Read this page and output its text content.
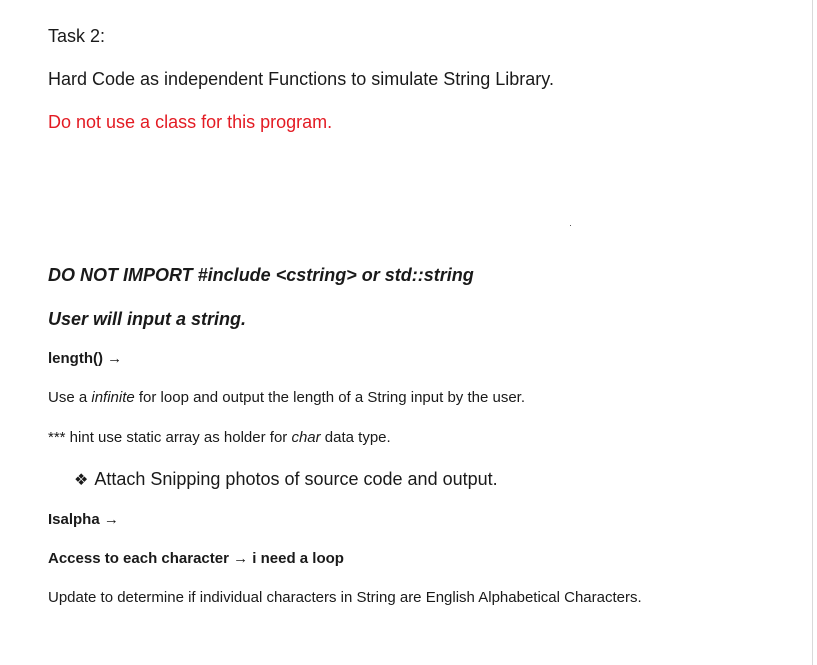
Task 2:
Hard Code as independent Functions to simulate String Library.
Do not use a class for this program.
DO NOT IMPORT #include <cstring> or std::string
User will input a string.
length() →
Use a infinite for loop and output the length of a String input by the user.
*** hint use static array as holder for char data type.
❖ Attach Snipping photos of source code and output.
Isalpha →
Access to each character → i need a loop
Update to determine if individual characters in String are English Alphabetical Characters.
